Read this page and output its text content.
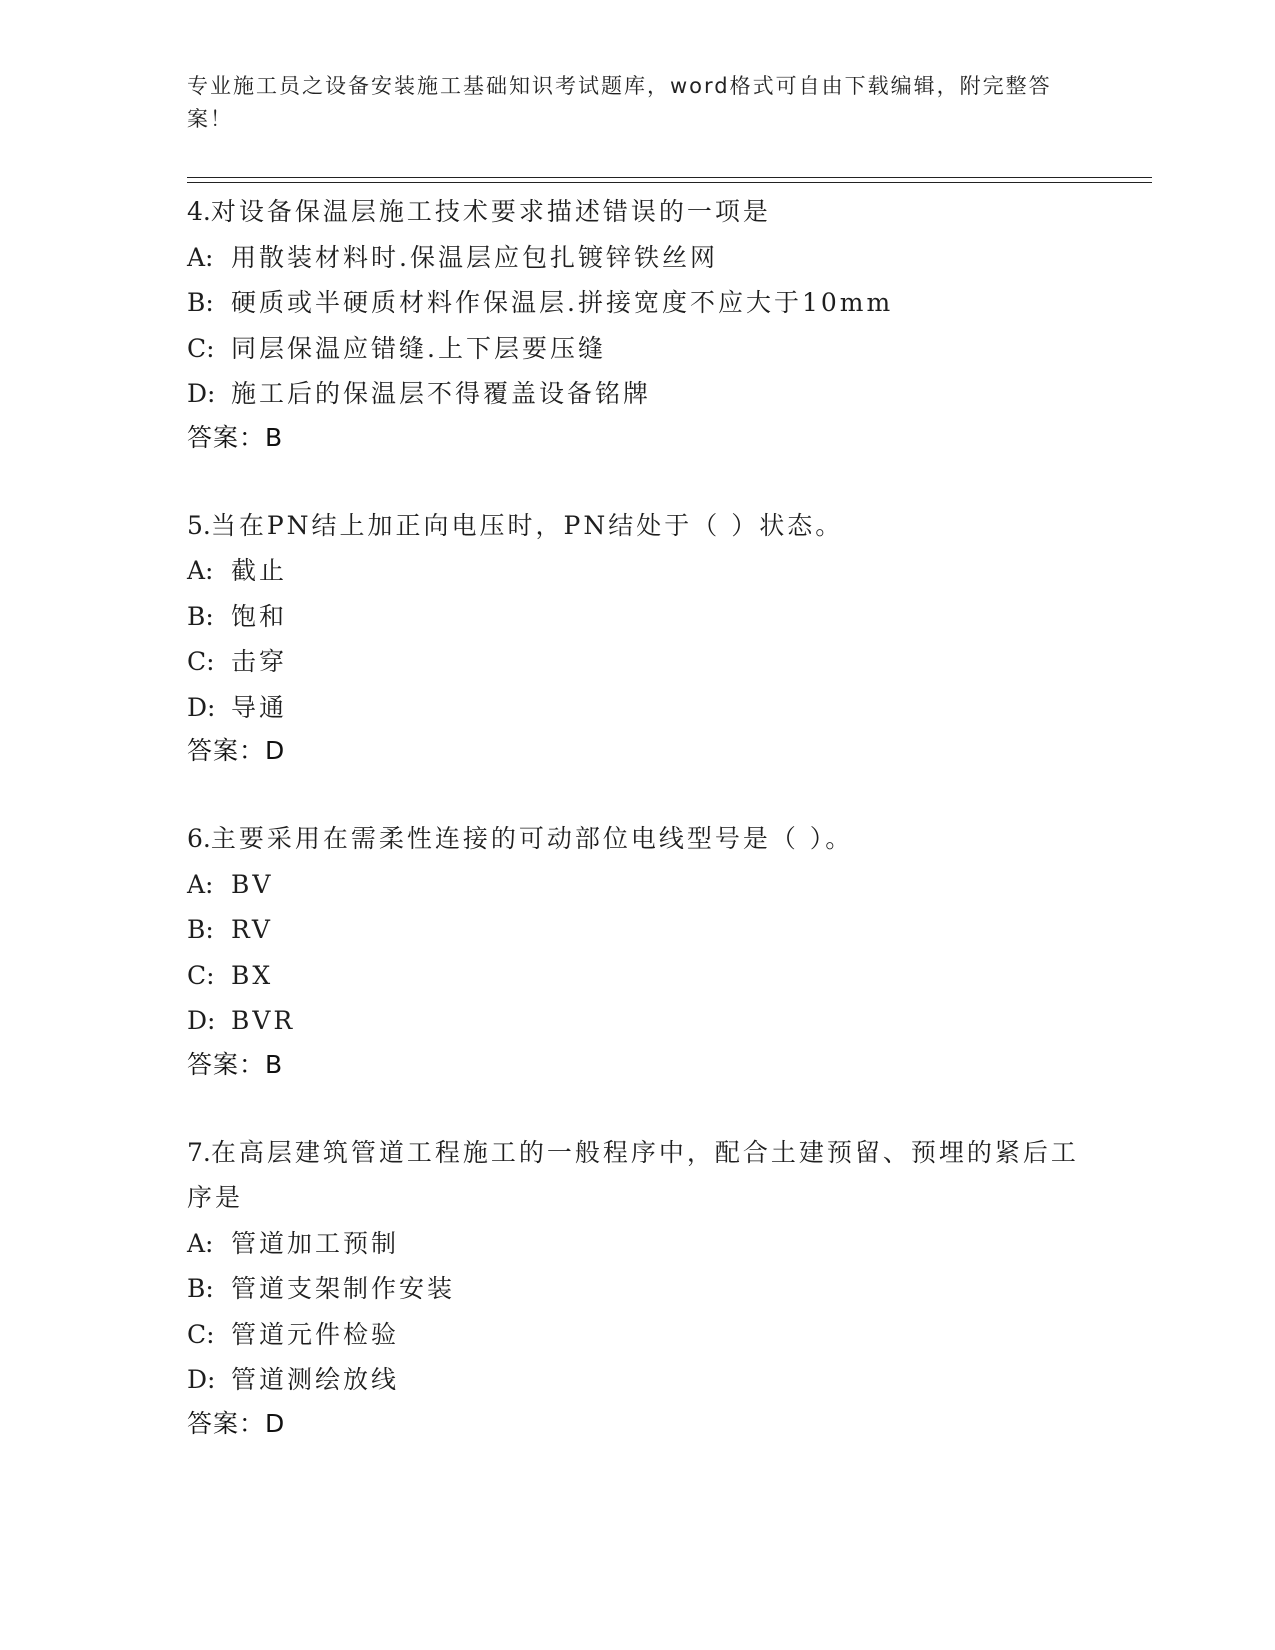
专业施工员之设备安装施工基础知识考试题库，word格式可自由下载编辑，附完整答案！
4.对设备保温层施工技术要求描述错误的一项是
A: 用散装材料时.保温层应包扎镀锌铁丝网
B: 硬质或半硬质材料作保温层.拼接宽度不应大于10mm
C: 同层保温应错缝.上下层要压缝
D: 施工后的保温层不得覆盖设备铭牌
答案：B
5.当在PN结上加正向电压时，PN结处于（ ）状态。
A: 截止
B: 饱和
C: 击穿
D: 导通
答案：D
6.主要采用在需柔性连接的可动部位电线型号是（ ）。
A: BV
B: RV
C: BX
D: BVR
答案：B
7.在高层建筑管道工程施工的一般程序中，配合土建预留、预埋的紧后工序是
A: 管道加工预制
B: 管道支架制作安装
C: 管道元件检验
D: 管道测绘放线
答案：D
